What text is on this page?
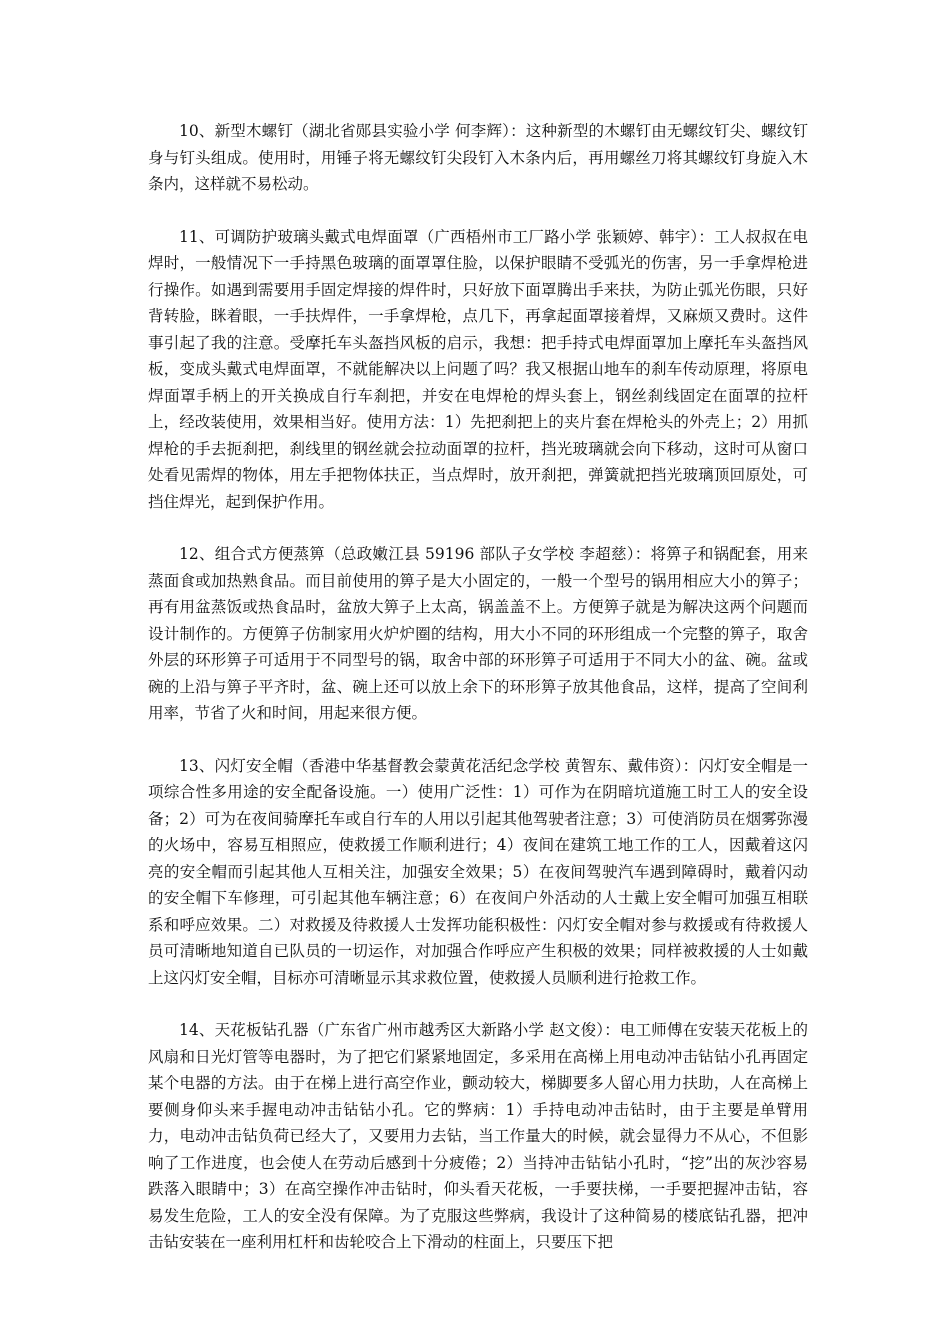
10、新型木螺钉（湖北省郧县实验小学 何李辉）：这种新型的木螺钉由无螺纹钉尖、螺纹钉身与钉头组成。使用时，用锤子将无螺纹钉尖段钉入木条内后，再用螺丝刀将其螺纹钉身旋入木条内，这样就不易松动。

11、可调防护玻璃头戴式电焊面罩（广西梧州市工厂路小学 张颖婷、韩宇）：工人叔叔在电焊时，一般情况下一手持黑色玻璃的面罩罩住脸，以保护眼睛不受弧光的伤害，另一手拿焊枪进行操作。如遇到需要用手固定焊接的焊件时，只好放下面罩腾出手来扶，为防止弧光伤眼，只好背转脸，眯着眼，一手扶焊件，一手拿焊枪，点几下，再拿起面罩接着焊，又麻烦又费时。这件事引起了我的注意。受摩托车头盔挡风板的启示，我想：把手持式电焊面罩加上摩托车头盔挡风板，变成头戴式电焊面罩，不就能解决以上问题了吗？我又根据山地车的刹车传动原理，将原电焊面罩手柄上的开关换成自行车刹把，并安在电焊枪的焊头套上，钢丝刹线固定在面罩的拉杆上，经改装使用，效果相当好。使用方法：1）先把刹把上的夹片套在焊枪头的外壳上；2）用抓焊枪的手去扼刹把，刹线里的钢丝就会拉动面罩的拉杆，挡光玻璃就会向下移动，这时可从窗口处看见需焊的物体，用左手把物体扶正，当点焊时，放开刹把，弹簧就把挡光玻璃顶回原处，可挡住焊光，起到保护作用。

12、组合式方便蒸箅（总政嫩江县 59196 部队子女学校 李超慈）：将箅子和锅配套，用来蒸面食或加热熟食品。而目前使用的箅子是大小固定的，一般一个型号的锅用相应大小的箅子；再有用盆蒸饭或热食品时，盆放大箅子上太高，锅盖盖不上。方便箅子就是为解决这两个问题而设计制作的。方便箅子仿制家用火炉炉圈的结构，用大小不同的环形组成一个完整的箅子，取舍外层的环形箅子可适用于不同型号的锅，取舍中部的环形箅子可适用于不同大小的盆、碗。盆或碗的上沿与箅子平齐时，盆、碗上还可以放上余下的环形箅子放其他食品，这样，提高了空间利用率，节省了火和时间，用起来很方便。

13、闪灯安全帽（香港中华基督教会蒙黄花活纪念学校 黄智东、戴伟资）：闪灯安全帽是一项综合性多用途的安全配备设施。一）使用广泛性：1）可作为在阴暗坑道施工时工人的安全设备；2）可为在夜间骑摩托车或自行车的人用以引起其他驾驶者注意；3）可使消防员在烟雾弥漫的火场中，容易互相照应，使救援工作顺利进行；4）夜间在建筑工地工作的工人，因戴着这闪亮的安全帽而引起其他人互相关注，加强安全效果；5）在夜间驾驶汽车遇到障碍时，戴着闪动的安全帽下车修理，可引起其他车辆注意；6）在夜间户外活动的人士戴上安全帽可加强互相联系和呼应效果。二）对救援及待救援人士发挥功能积极性：闪灯安全帽对参与救援或有待救援人员可清晰地知道自已队员的一切运作，对加强合作呼应产生积极的效果；同样被救援的人士如戴上这闪灯安全帽，目标亦可清晰显示其求救位置，使救援人员顺利进行抢救工作。

14、天花板钻孔器（广东省广州市越秀区大新路小学 赵文俊）：电工师傅在安装天花板上的风扇和日光灯管等电器时，为了把它们紧紧地固定，多采用在高梯上用电动冲击钻钻小孔再固定某个电器的方法。由于在梯上进行高空作业，颤动较大，梯脚要多人留心用力扶助，人在高梯上要侧身仰头来手握电动冲击钻钻小孔。它的弊病：1）手持电动冲击钻时，由于主要是单臂用力，电动冲击钻负荷已经大了，又要用力去钻，当工作量大的时候，就会显得力不从心，不但影响了工作进度，也会使人在劳动后感到十分疲倦；2）当持冲击钻钻小孔时，“挖”出的灰沙容易跌落入眼睛中；3）在高空操作冲击钻时，仰头看天花板，一手要扶梯，一手要把握冲击钻，容易发生危险，工人的安全没有保障。为了克服这些弊病，我设计了这种简易的楼底钻孔器，把冲击钻安装在一座利用杠杆和齿轮咬合上下滑动的柱面上，只要压下把
